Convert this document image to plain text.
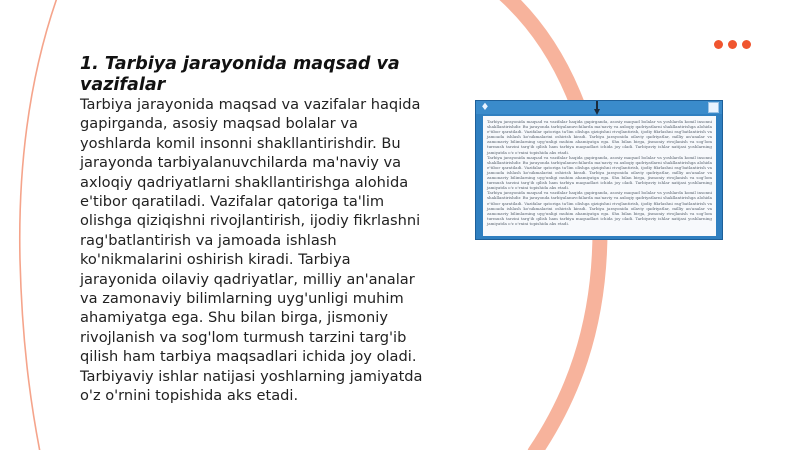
1. Tarbiya jarayonida maqsad va vazifalar

Tarbiya jarayonida maqsad va vazifalar haqida gapirganda, asosiy maqsad bolalar va yoshlarda komil insonni shakllantirishdir. Bu jarayonda tarbiyalanuvchilarda ma'naviy va axloqiy qadriyatlarni shakllantirishga alohida e'tibor qaratiladi. Vazifalar qatoriga ta'lim olishga qiziqishni rivojlantirish, ijodiy fikrlashni rag'batlantirish va jamoada ishlash ko'nikmalarini oshirish kiradi. Tarbiya jarayonida oilaviy qadriyatlar, milliy an'analar va zamonaviy bilimlarning uyg'unligi muhim ahamiyatga ega. Shu bilan birga, jismoniy rivojlanish va sog'lom turmush tarzini targ'ib qilish ham tarbiya maqsadlari ichida joy oladi. Tarbiyaviy ishlar natijasi yoshlarning jamiyatda o'z o'rnini topishida aks etadi.

♦

Tarbiya jarayonida maqsad va vazifalar haqida gapirganda, asosiy maqsad bolalar va yoshlarda komil insonni shakllantirishdir. Bu jarayonda tarbiyalanuvchilarda ma'naviy va axloqiy qadriyatlarni shakllantirishga alohida e'tibor qaratiladi. Vazifalar qatoriga ta'lim olishga qiziqishni rivojlantirish, ijodiy fikrlashni rag'batlantirish va jamoada ishlash ko'nikmalarini oshirish kiradi. Tarbiya jarayonida oilaviy qadriyatlar, milliy an'analar va zamonaviy bilimlarning uyg'unligi muhim ahamiyatga ega. Shu bilan birga, jismoniy rivojlanish va sog'lom turmush tarzini targ'ib qilish ham tarbiya maqsadlari ichida joy oladi. Tarbiyaviy ishlar natijasi yoshlarning jamiyatda o'z o'rnini topishida aks etadi.

Tarbiya jarayonida maqsad va vazifalar haqida gapirganda, asosiy maqsad bolalar va yoshlarda komil insonni shakllantirishdir. Bu jarayonda tarbiyalanuvchilarda ma'naviy va axloqiy qadriyatlarni shakllantirishga alohida e'tibor qaratiladi. Vazifalar qatoriga ta'lim olishga qiziqishni rivojlantirish, ijodiy fikrlashni rag'batlantirish va jamoada ishlash ko'nikmalarini oshirish kiradi. Tarbiya jarayonida oilaviy qadriyatlar, milliy an'analar va zamonaviy bilimlarning uyg'unligi muhim ahamiyatga ega. Shu bilan birga, jismoniy rivojlanish va sog'lom turmush tarzini targ'ib qilish ham tarbiya maqsadlari ichida joy oladi. Tarbiyaviy ishlar natijasi yoshlarning jamiyatda o'z o'rnini topishida aks etadi.

Tarbiya jarayonida maqsad va vazifalar haqida gapirganda, asosiy maqsad bolalar va yoshlarda komil insonni shakllantirishdir. Bu jarayonda tarbiyalanuvchilarda ma'naviy va axloqiy qadriyatlarni shakllantirishga alohida e'tibor qaratiladi. Vazifalar qatoriga ta'lim olishga qiziqishni rivojlantirish, ijodiy fikrlashni rag'batlantirish va jamoada ishlash ko'nikmalarini oshirish kiradi. Tarbiya jarayonida oilaviy qadriyatlar, milliy an'analar va zamonaviy bilimlarning uyg'unligi muhim ahamiyatga ega. Shu bilan birga, jismoniy rivojlanish va sog'lom turmush tarzini targ'ib qilish ham tarbiya maqsadlari ichida joy oladi. Tarbiyaviy ishlar natijasi yoshlarning jamiyatda o'z o'rnini topishida aks etadi.
